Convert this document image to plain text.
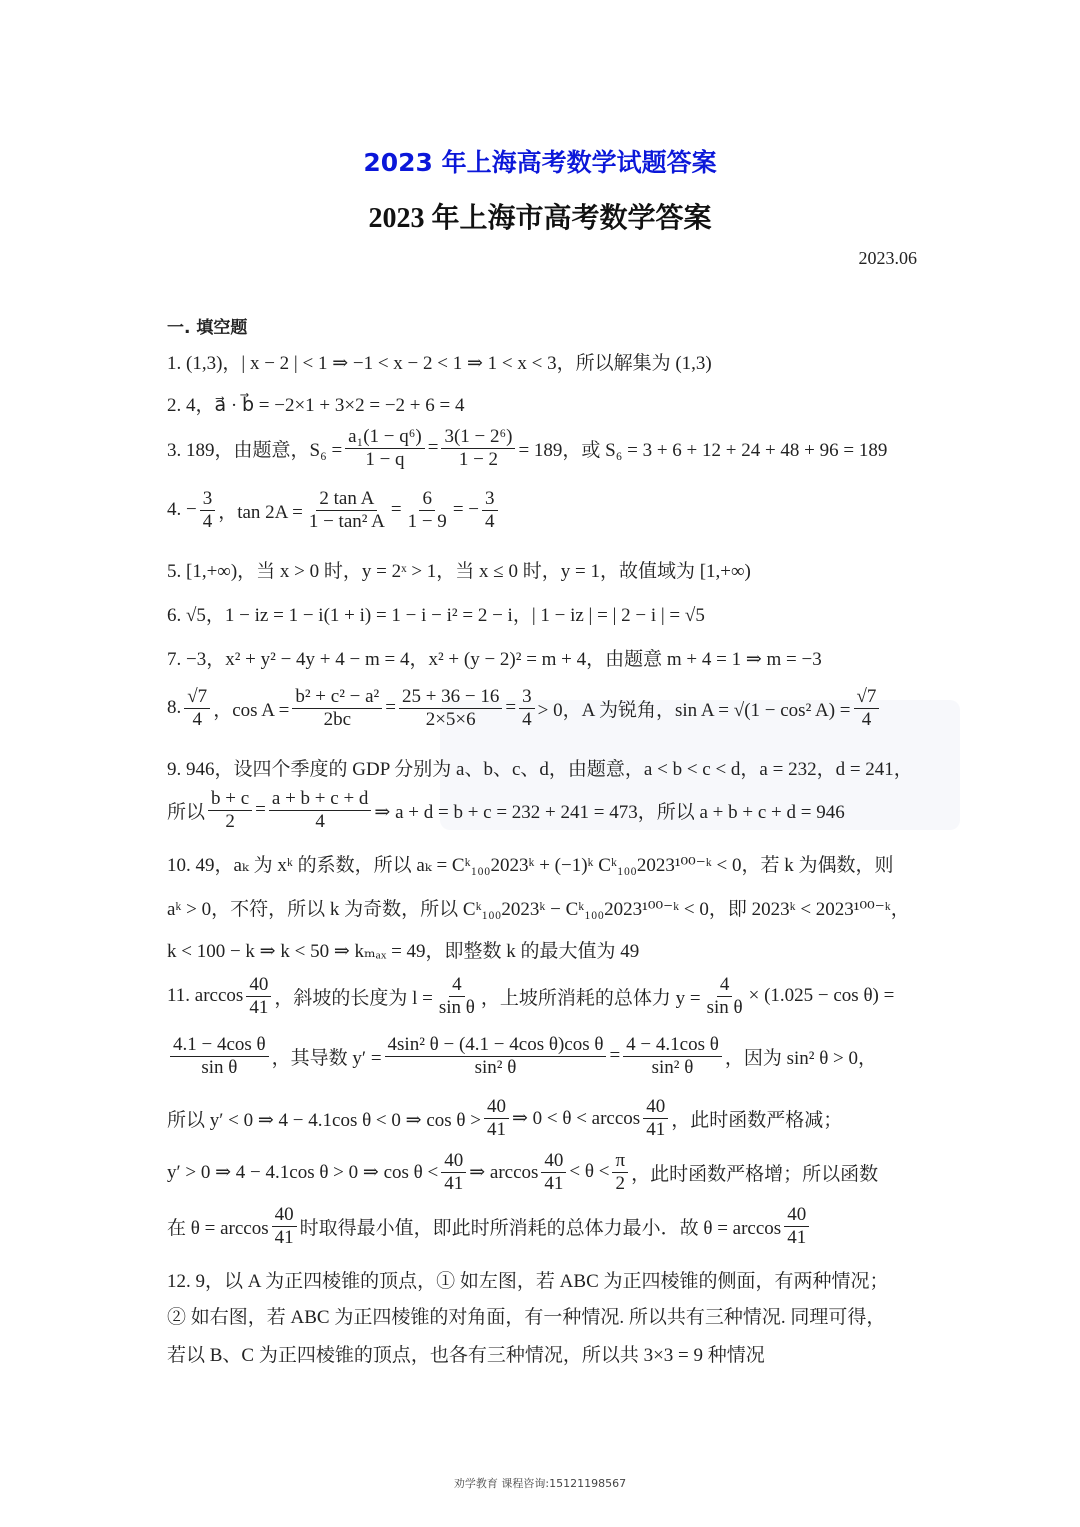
2023 年上海高考数学试题答案
2023 年上海市高考数学答案
2023.06
一. 填空题
1. (1,3)，| x − 2 | < 1 ⇒ −1 < x − 2 < 1 ⇒ 1 < x < 3，所以解集为 (1,3)
2. 4，a⃗ · b⃗ = −2×1 + 3×2 = −2 + 6 = 4
3. 189，由题意，$S_6 = \frac{\text{a₁(1 − q⁶)}}{1 - q} = \frac{\text{3(1 − 2⁶)}}{1 - 2} = 189$，或 S₆ = 3 + 6 + 12 + 24 + 48 + 96 = 189
4. − $\frac{3}{4}$ ，$\tan 2A = \frac{\text{2 tan A}}{\text{1 − tan² A}} = \frac{6}{1 - 9}$ = − $\frac{3}{4}$
5. [1,+∞)，当 x > 0 时，y = 2ˣ > 1，当 x ≤ 0 时，y = 1，故值域为 [1,+∞)
6. √5，1 − iz = 1 − i(1 + i) = 1 − i − i² = 2 − i，| 1 − iz | = | 2 − i | = √5
7. −3，x² + y² − 4y + 4 − m = 4，x² + (y − 2)² = m + 4，由题意 m + 4 = 1 ⇒ m = −3
8. $\frac{√7}{4}$ ，$\cos A = \frac{\text{b² + c² − a²}}{2bc} = \frac{25 + 36 - 16}{2\times 5\times 6} = \frac{3}{4} > 0$，A 为锐角，sin A = √(1 − cos² $A) = \frac{√7}{4}$
9. 946，设四个季度的 GDP 分别为 a、b、c、d，由题意，a < b < c < d，a = 232，d = 241，
所以 $\frac{b + c}{2} = \frac{a + b + c + d}{4}$ ⇒ a + d = b + c = 232 + 241 = 473，所以 a + b + c + d = 946
10. 49，aₖ 为 xᵏ 的系数，所以 aₖ = Cᵏ₁₀₀2023ᵏ + (−1)ᵏ Cᵏ₁₀₀2023¹⁰⁰⁻ᵏ < 0，若 k 为偶数，则
aᵏ > 0，不符，所以 k 为奇数，所以 Cᵏ₁₀₀2023ᵏ − Cᵏ₁₀₀2023¹⁰⁰⁻ᵏ < 0，即 2023ᵏ < 2023¹⁰⁰⁻ᵏ，
k < 100 − k ⇒ k < 50 ⇒ kₘₐₓ = 49，即整数 k 的最大值为 49
11. $\arccos \frac{40}{41}$ ，斜坡的长度为 $l = \frac{4}{\text{sin θ}}$ ，上坡所消耗的总体力 $y = \frac{4}{\text{sin θ}} \times (1.025 - \cos \theta)$ =
$\frac{\text{4.1 − 4cos θ}}{\text{sin θ}}$ ，其导数 $y' = \frac{\text{4sin² θ − (4.1 − 4cos θ)cos θ}}{\text{sin² θ}} = \frac{\text{4 − 4.1cos θ}}{\text{sin² θ}}$ ，因为 sin² θ > 0，
所以 y′ < 0 ⇒ 4 − 4.1cos θ < 0 ⇒ $\cos \theta > \frac{40}{41}$ ⇒ $0 < \theta < \arccos \frac{40}{41}$ ，此时函数严格减；
y′ > 0 ⇒ 4 − 4.1cos θ > 0 ⇒ $\cos \theta < \frac{40}{41}$ ⇒ $\arccos \frac{40}{41} < \theta < \frac{\pi}{2}$ ，此时函数严格增；所以函数
在 $\theta = \arccos \frac{40}{41}$ 时取得最小值，即此时所消耗的总体力最小．故 $\theta = \arccos \frac{40}{41}$
12. 9，以 A 为正四棱锥的顶点，① 如左图，若 ABC 为正四棱锥的侧面，有两种情况；
② 如右图，若 ABC 为正四棱锥的对角面，有一种情况. 所以共有三种情况. 同理可得，
若以 B、C 为正四棱锥的顶点，也各有三种情况，所以共 3×3 = 9 种情况
劝学教育 课程咨询:15121198567
